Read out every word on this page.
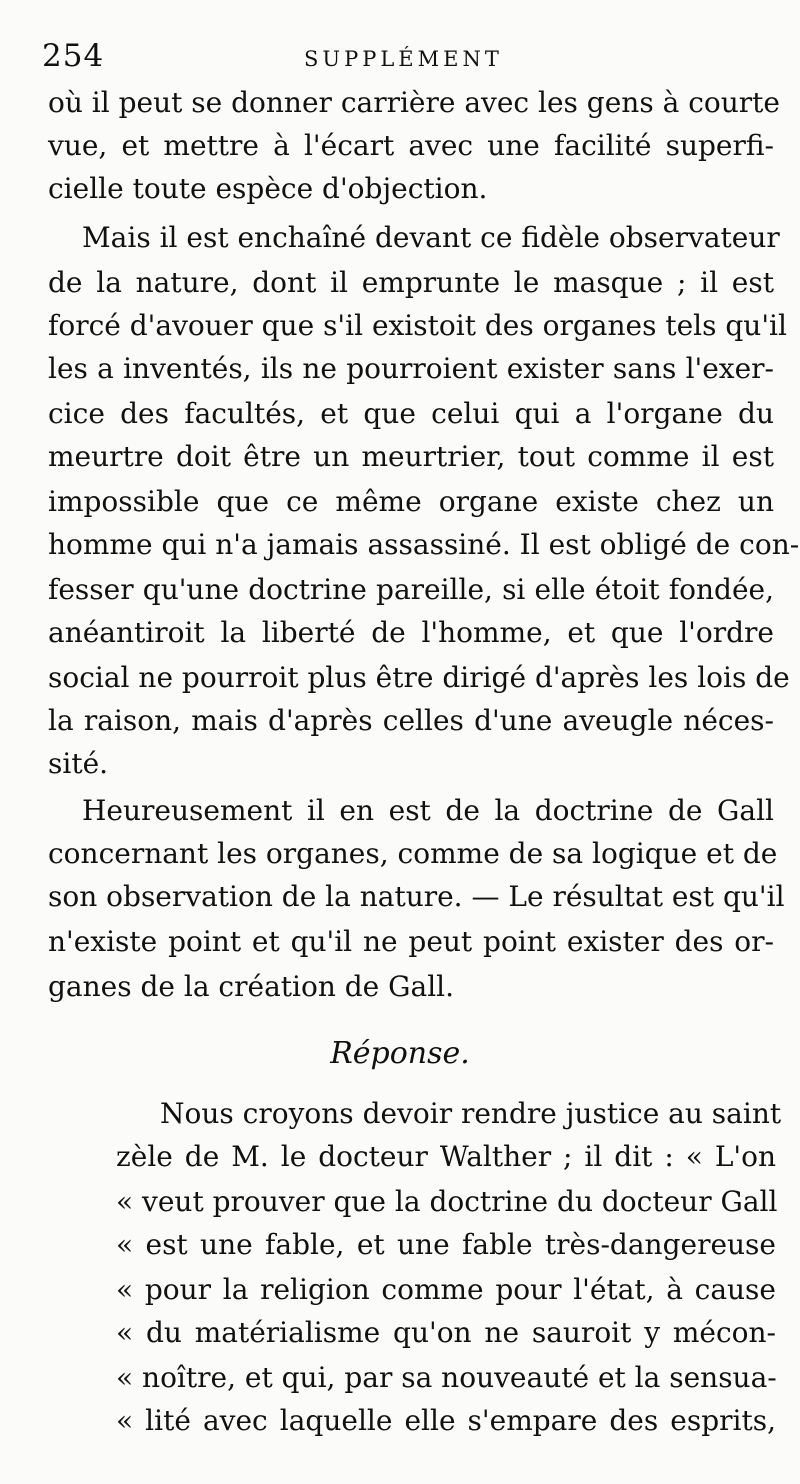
254	SUPPLÉMENT
où il peut se donner carrière avec les gens à courte
vue, et mettre à l'écart avec une facilité superfi-
cielle toute espèce d'objection.
Mais il est enchaîné devant ce fidèle observateur
de la nature, dont il emprunte le masque ; il est
forcé d'avouer que s'il existoit des organes tels qu'il
les a inventés, ils ne pourroient exister sans l'exer-
cice des facultés, et que celui qui a l'organe du
meurtre doit être un meurtrier, tout comme il est
impossible que ce même organe existe chez un
homme qui n'a jamais assassiné. Il est obligé de con-
fesser qu'une doctrine pareille, si elle étoit fondée,
anéantiroit la liberté de l'homme, et que l'ordre
social ne pourroit plus être dirigé d'après les lois de
la raison, mais d'après celles d'une aveugle néces-
sité.
Heureusement il en est de la doctrine de Gall
concernant les organes, comme de sa logique et de
son observation de la nature. — Le résultat est qu'il
n'existe point et qu'il ne peut point exister des or-
ganes de la création de Gall.
Réponse.
Nous croyons devoir rendre justice au saint
zèle de M. le docteur Walther ; il dit : « L'on
« veut prouver que la doctrine du docteur Gall
« est une fable, et une fable très-dangereuse
« pour la religion comme pour l'état, à cause
« du matérialisme qu'on ne sauroit y mécon-
« noître, et qui, par sa nouveauté et la sensua-
« lité avec laquelle elle s'empare des esprits,
